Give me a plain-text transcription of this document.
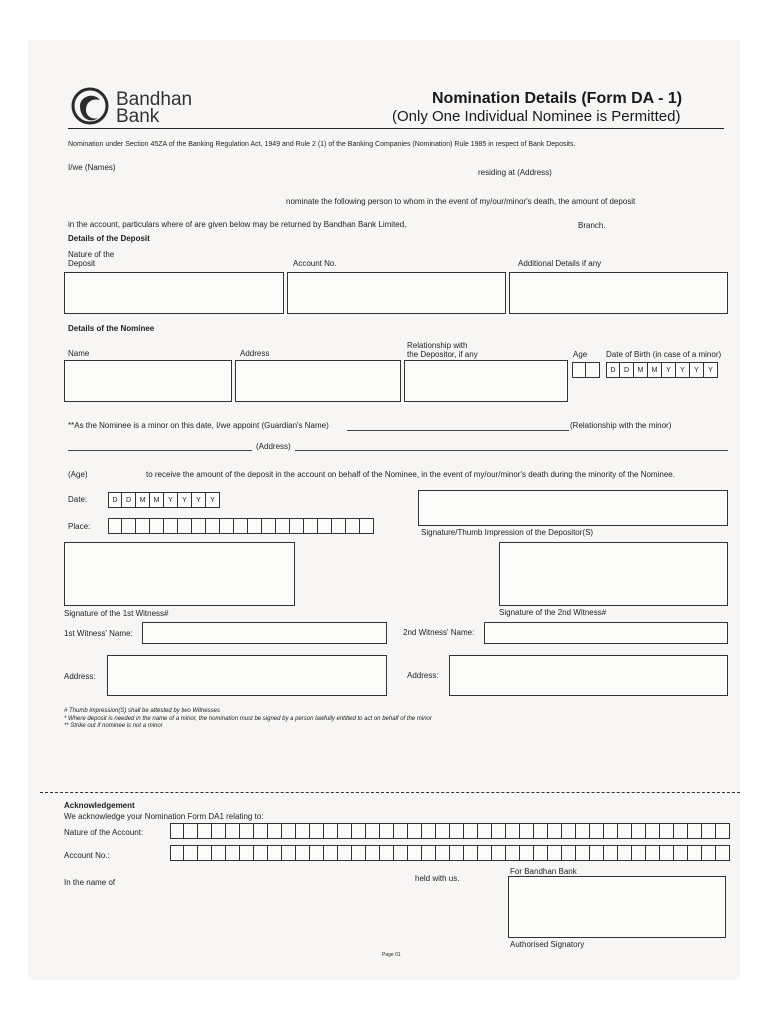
Bandhan
Bank
Nomination Details (Form DA - 1)
(Only One Individual Nominee is Permitted)
Nomination under Section 45ZA of the Banking Regulation Act, 1949 and Rule 2 (1) of the Banking Companies (Nomination) Rule 1985 in respect of Bank Deposits.
I/we (Names)
residing at (Address)
nominate the following person to whom in the event of my/our/minor's death, the amount of deposit
in the account, particulars where of are given below may be returned by Bandhan Bank Limited,	Branch.
Details of the Deposit
Nature of the
Deposit	Account No.	Additional Details if any
Details of the Nominee
Name	Address
Relationship with
the Depositor, if any	Age Date of Birth (in case of a minor)
D	D	M	M	Y	Y	Y	Y
**As the Nominee is a minor on this date, I/we appoint (Guardian's Name)	(Relationship with the minor)
(Address)
(Age)	to receive the amount of the deposit in the account on behalf of the Nominee, in the event of my/our/minor's death during the minority of the Nominee.
Date:	D	D	M	M	Y	Y	Y	Y
Place:
Signature/Thumb Impression of the Depositor(S)
Signature of the 1st Witness#	Signature of the 2nd Witness#
1st Witness' Name:	2nd Witness' Name:
Address:	Address:
# Thumb impression(S) shall be attested by two Witnesses
* Where deposit is needed in the name of a minor, the nomination must be signed by a person lawfully entitled to act on behalf of the minor
** Strike out if nominee is not a minor
Acknowledgement
We acknowledge your Nomination Form DA1 relating to:
Nature of the Account:
Account No.:
In the name of	held with us.
For Bandhan Bank
Authorised Signatory
Page 01
